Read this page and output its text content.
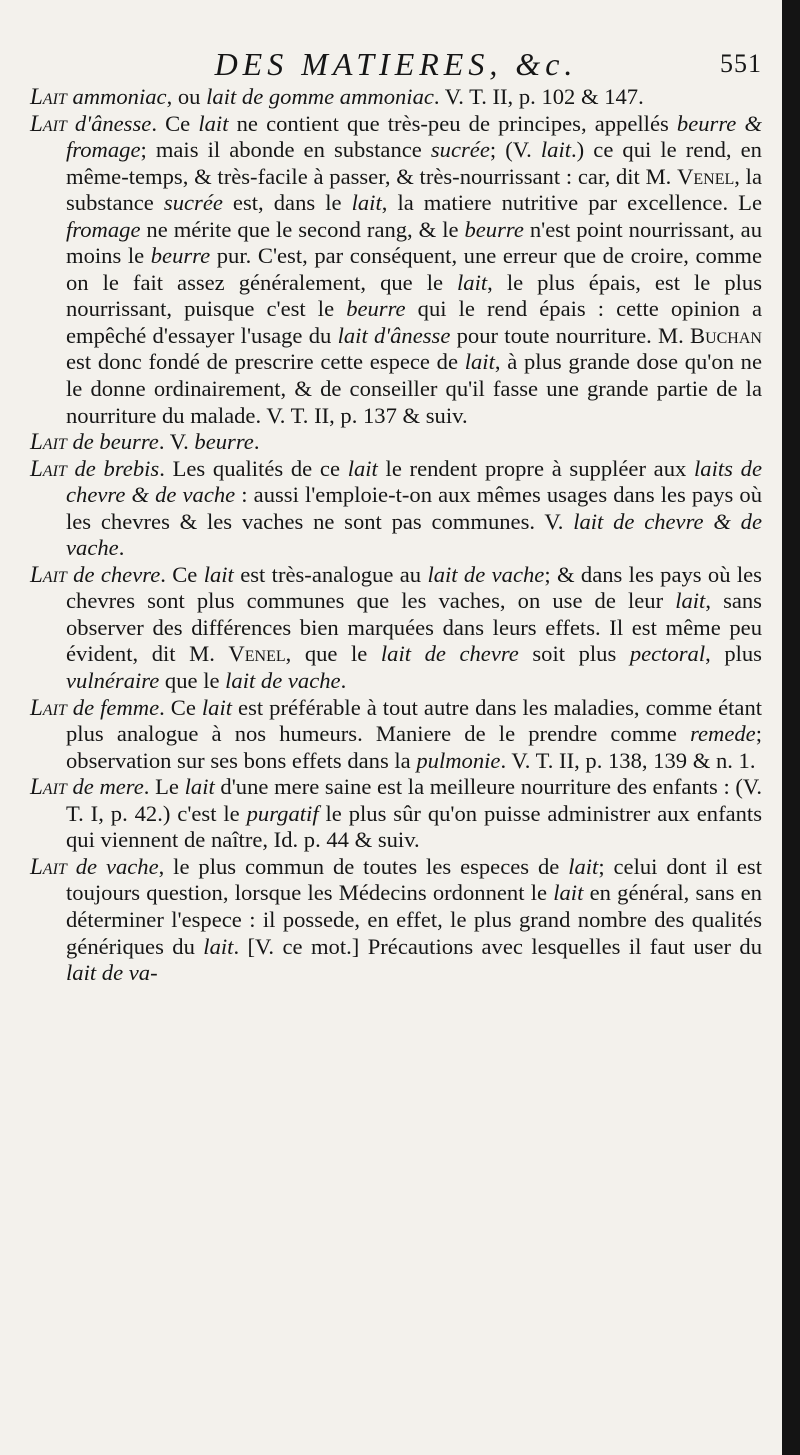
DES MATIERES, &c.	551

Lait ammoniac, ou lait de gomme ammoniac. V. T. II, p. 102 & 147.

Lait d'ânesse. Ce lait ne contient que très-peu de principes, appellés beurre & fromage; mais il abonde en substance sucrée; (V. lait.) ce qui le rend, en même-temps, & très-facile à passer, & très-nourrissant : car, dit M. Venel, la substance sucrée est, dans le lait, la matiere nutritive par excellence. Le fromage ne mérite que le second rang, & le beurre n'est point nourrissant, au moins le beurre pur. C'est, par conséquent, une erreur que de croire, comme on le fait assez généralement, que le lait, le plus épais, est le plus nourrissant, puisque c'est le beurre qui le rend épais : cette opinion a empêché d'essayer l'usage du lait d'ânesse pour toute nourriture. M. Buchan est donc fondé de prescrire cette espece de lait, à plus grande dose qu'on ne le donne ordinairement, & de conseiller qu'il fasse une grande partie de la nourriture du malade. V. T. II, p. 137 & suiv.

Lait de beurre. V. beurre.

Lait de brebis. Les qualités de ce lait le rendent propre à suppléer aux laits de chevre & de vache : aussi l'emploie-t-on aux mêmes usages dans les pays où les chevres & les vaches ne sont pas communes. V. lait de chevre & de vache.

Lait de chevre. Ce lait est très-analogue au lait de vache; & dans les pays où les chevres sont plus communes que les vaches, on use de leur lait, sans observer des différences bien marquées dans leurs effets. Il est même peu évident, dit M. Venel, que le lait de chevre soit plus pectoral, plus vulnéraire que le lait de vache.

Lait de femme. Ce lait est préférable à tout autre dans les maladies, comme étant plus analogue à nos humeurs. Maniere de le prendre comme remede; observation sur ses bons effets dans la pulmonie. V. T. II, p. 138, 139 & n. 1.

Lait de mere. Le lait d'une mere saine est la meilleure nourriture des enfants : (V. T. I, p. 42.) c'est le purgatif le plus sûr qu'on puisse administrer aux enfants qui viennent de naître, Id. p. 44 & suiv.

Lait de vache, le plus commun de toutes les especes de lait; celui dont il est toujours question, lorsque les Médecins ordonnent le lait en général, sans en déterminer l'espece : il possede, en effet, le plus grand nombre des qualités génériques du lait. [V. ce mot.] Précautions avec lesquelles il faut user du lait de va-
